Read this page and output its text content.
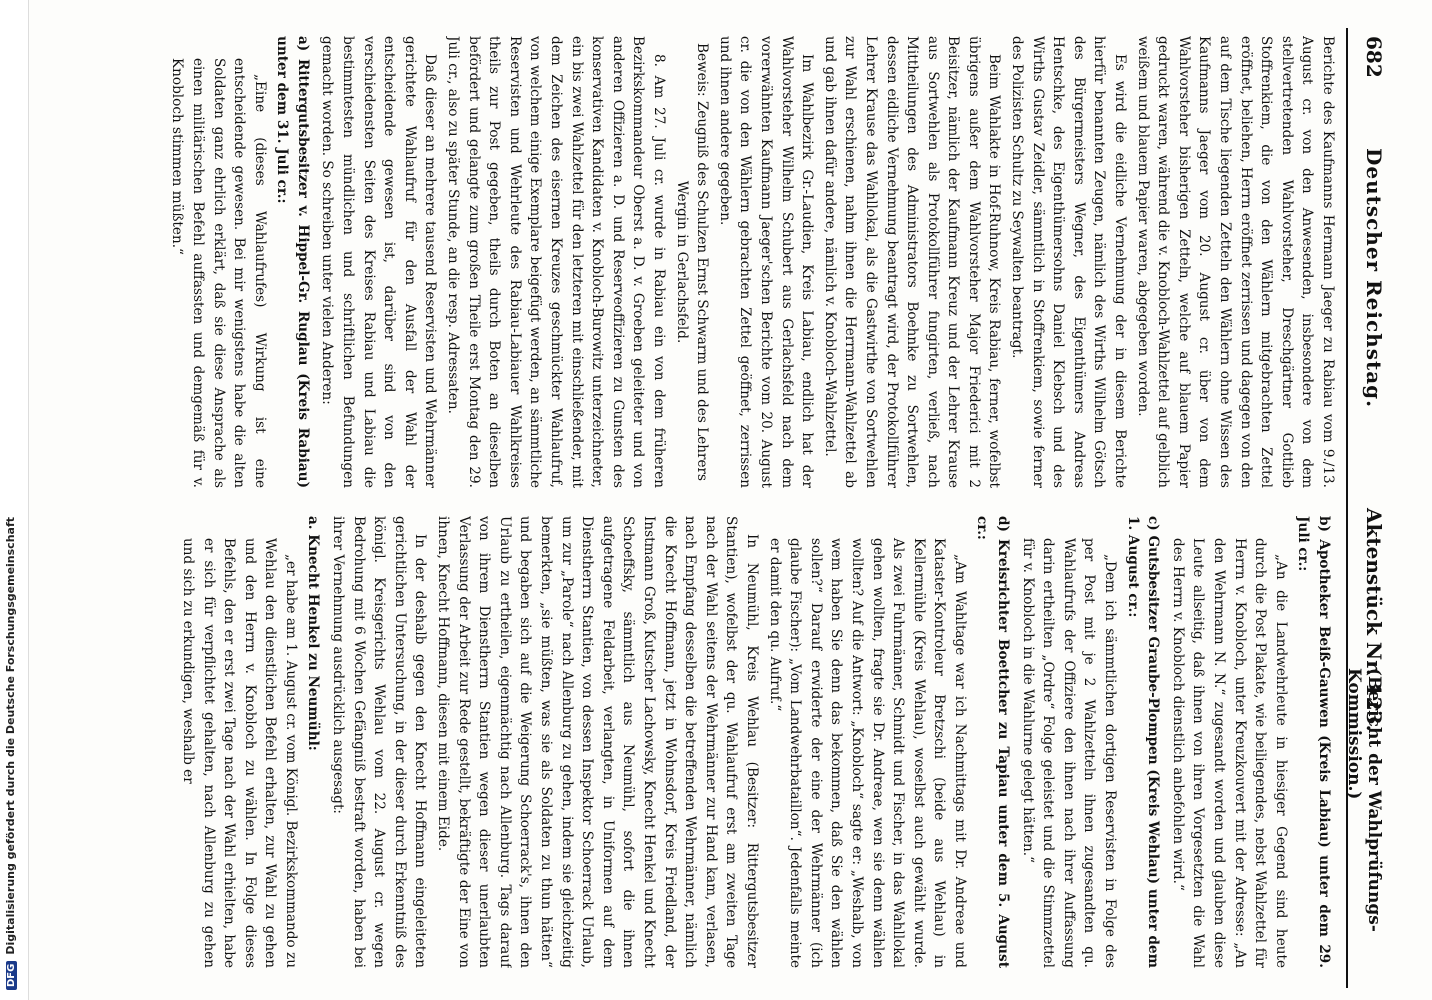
DFGDigitalisierung gefördert durch die Deutsche Forschungsgemeinschaft
682
Deutscher Reichstag.
Aktenstück Nr. 123.
(Bericht der Wahlprüfungs-Kommission.)

Berichte des Kaufmanns Hermann Jaeger zu Rabiau vom 9./13. August cr. von den Anwesenden, insbesondere von dem stellvertretenden Wahlvorsteher, Dreschgärtner Gottlieb Stoffrenkiem, die von den Wählern mitgebrachten Zettel eröffnet, beliehen, Herrn eröffnet zerrissen und dagegen von den auf dem Tische liegenden Zetteln den Wählern ohne Wissen des Kaufmanns Jaeger vom 20. August cr. über von dem Wahlvorsteher bisherigen Zetteln, welche auf blauem Papier gedruckt waren, während die v. Knobloch-Wahlzettel auf gelblich weißem und blauem Papier waren, abgegeben worden.

Es wird die eidliche Vernehmung der in diesem Berichte hierfür benannten Zeugen, nämlich des Wirths Wilhelm Götsch des Bürgermeisters Wegner, des Eigenthümers Andreas Hentschke, des Eigenthümersohns Daniel Klebsch und des Wirths Gustav Zeidler, sämmtlich in Stoffrenkiem, sowie ferner des Polizisten Schultz zu Seywalten beantragt.

Beim Wahlakte in Hof-Ruhnow, Kreis Rabiau, ferner, wofelbst übrigens außer dem Wahlvorsteher Major Friederici mit 2 Beisitzer, nämlich der Kaufmann Kreuz und der Lehrer Krause aus Sortwehlen als Protokollführer fungirten, verließ, nach Mittheilungen des Administrators Boehnke zu Sortwehlen, dessen eidliche Vernehmung beantragt wird, der Protokollführer Lehrer Krause das Wahllokal, als die Gastwirthe von Sortwehlen zur Wahl erschienen, nahm ihnen die Herrmann-Wahlzettel ab und gab ihnen dafür andere, nämlich v. Knobloch-Wahlzettel.

Im Wahlbezirk Gr.-Laudien, Kreis Labiau, endlich hat der Wahlvorsteher Wilhelm Schubert aus Gerlachsfeld nach dem vorerwähnten Kaufmann Jaeger'schen Berichte vom 20. August cr. die von den Wählern gebrachten Zettel geöffnet, zerrissen und ihnen andere gegeben.

Beweis: Zeugniß des Schulzen Ernst Schwarm und des Lehrers Wergin in Gerlachsfeld.

8. Am 27. Juli cr. wurde in Rabiau ein von dem früheren Bezirkskommandeur Oberst a. D. v. Groeben geleiteter und von anderen Offizieren a. D. und Reserveoffizieren zu Gunsten des konservativen Kandidaten v. Knobloch-Burowitz unterzeichneter, ein bis zwei Wahlzettel für den letzteren mit einschließender, mit dem Zeichen des eisernen Kreuzes geschmückter Wahlaufruf, von welchem einige Exemplare beigefügt werden, an sämmtliche Reservisten und Wehrleute des Rabiau-Labiauer Wahlkreises theils zur Post gegeben, theils durch Boten an dieselben befördert und gelangte zum großen Theile erst Montag den 29. Juli cr., also zu später Stunde, an die resp. Adressaten.

Daß dieser an mehrere tausend Reservisten und Wehrmänner gerichtete Wahlaufruf für den Ausfall der Wahl der entscheidende gewesen ist, darüber sind von den verschiedensten Seiten des Kreises Rabiau und Labiau die bestimmtesten mündlichen und schriftlichen Befundungen gemacht worden. So schreiben unter vielen Anderen:

a) Rittergutsbesitzer v. Hippel-Gr. Ruglau (Kreis Rabiau) unter dem 31. Juli cr.:

„Eine (dieses Wahlaufrufes) Wirkung ist eine entscheidende gewesen. Bei mir wenigstens habe die alten Soldaten ganz ehrlich erklärt, daß sie diese Ansprache als einen militärischen Befehl auffassten und demgemäß für v. Knobloch stimmen müßten.“

b) Apotheker Beiß-Gauwen (Kreis Labiau) unter dem 29. Juli cr.:

„An die Landwehrleute in hiesiger Gegend sind heute durch die Post Plakate, wie beiliegendes, nebst Wahlzettel für Herrn v. Knobloch, unter Kreuzkouvert mit der Adresse: „An den Wehrmann N. N.“ zugesandt worden und glauben diese Leute allseitig, daß ihnen von ihren Vorgesetzten die Wahl des Herrn v. Knobloch dienstlich anbefohlen wird.“

c) Gutsbesitzer Graube-Plompen (Kreis Wehlau) unter dem 1. August cr.:

„Dem ich sämmtlichen dortigen Reservisten in Folge des per Post mit je 2 Wahlzetteln ihnen zugesandten qu. Wahlaufrufs der Offiziere den ihnen nach ihrer Auffassung darin ertheilten „Ordre“ Folge geleistet und die Stimmzettel für v. Knobloch in die Wahlurne gelegt hätten.“

d) Kreisrichter Boettcher zu Tapiau unter dem 5. August cr.:

„Am Wahltage war ich Nachmittags mit Dr. Andreae und Kataster-Kontroleur Bretzschi (beide aus Wehlau) in Kellermühle (Kreis Wehlau), woselbst auch gewählt wurde. Als zwei Fuhrmänner, Schmidt und Fischer, in das Wahllokal gehen wollten, fragte sie Dr. Andreae, wen sie denn wählen wollten? Auf die Antwort: „Knobloch“ sagte er: „Weshalb, von wem haben Sie denn das bekommen, daß Sie den wählen sollen?“ Darauf erwiderte der eine der Wehrmänner (ich glaube Fischer): „Vom Landwehrbataillon“. Jedenfalls meinte er damit den qu. Aufruf.“

In Neumühl, Kreis Wehlau (Besitzer: Rittergutsbesitzer Stantien), wofelbst der qu. Wahlaufruf erst am zweiten Tage nach der Wahl seitens der Wehrmänner zur Hand kam, verlasen, nach Empfang desselben die betreffenden Wehrmänner, nämlich die Knecht Hoffmann, jetzt in Wohnsdorf, Kreis Friedland, der Instmann Groß, Kutscher Lachowsky, Knecht Henkel und Knecht Schoeffsky, sämmtlich aus Neumühl, sofort die ihnen aufgetragene Feldarbeit, verlangten, in Uniformen auf dem Dienstherrn Stantien, von dessen Inspektor Schoerrack Urlaub, um zur „Parole“ nach Allenburg zu gehen, indem sie gleichzeitig bemerkten, „sie müßten, was sie als Soldaten zu thun hätten“ und begaben sich auf die Weigerung Schoerrack's, ihnen den Urlaub zu ertheilen, eigenmächtig nach Allenburg. Tags darauf von ihrem Dienstherrn Stantien wegen dieser unerlaubten Verlassung der Arbeit zur Rede gestellt, bekräftigte der Eine von ihnen, Knecht Hoffmann, diesen mit einem Eide.

In der deshalb gegen den Knecht Hoffmann eingeleiteten gerichtlichen Untersuchung, in der dieser durch Erkenntniß des königl. Kreisgerichts Wehlau vom 22. August cr. wegen Bedrohung mit 6 Wochen Gefängniß bestraft worden, haben bei ihrer Vernehmung ausdrücklich ausgesagt:

a. Knecht Henkel zu Neumühl:

„er habe am 1. August cr. vom Königl. Bezirkskommando zu Wehlau den dienstlichen Befehl erhalten, zur Wahl zu gehen und den Herrn v. Knobloch zu wählen. In Folge dieses Befehls, den er erst zwei Tage nach der Wahl erhielten, habe er sich für verpflichtet gehalten, nach Allenburg zu gehen und sich zu erkundigen, weshalb er
